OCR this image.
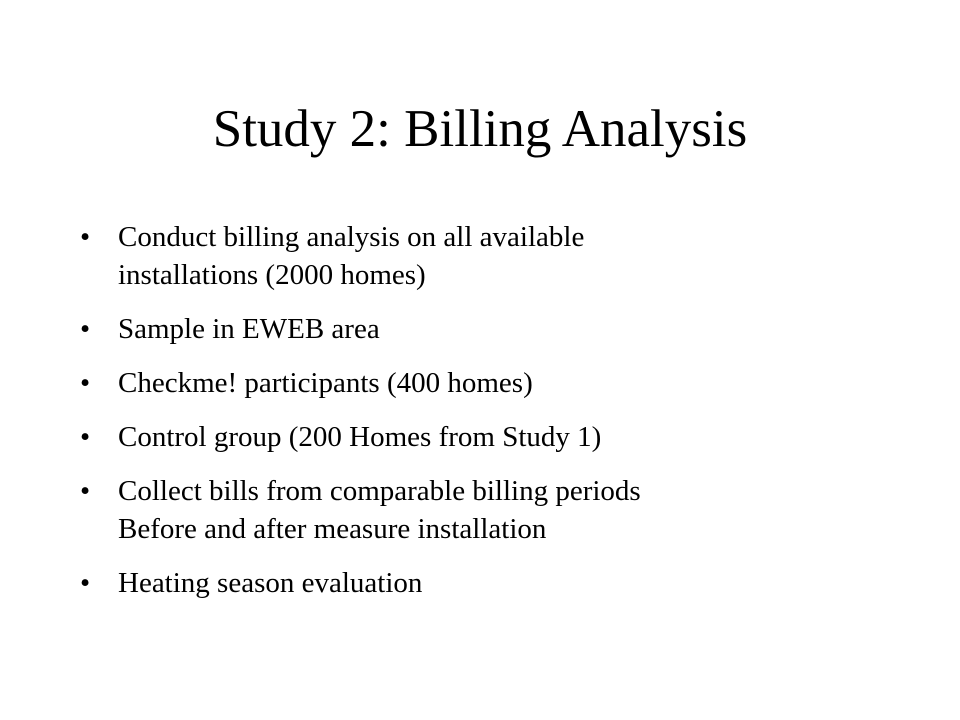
Study 2: Billing Analysis
• Conduct billing analysis on all available
installations (2000 homes)
• Sample in EWEB area
• Checkme! participants (400 homes)
• Control group (200 Homes from Study 1)
• Collect bills from comparable billing periods
Before and after measure installation
• Heating season evaluation
